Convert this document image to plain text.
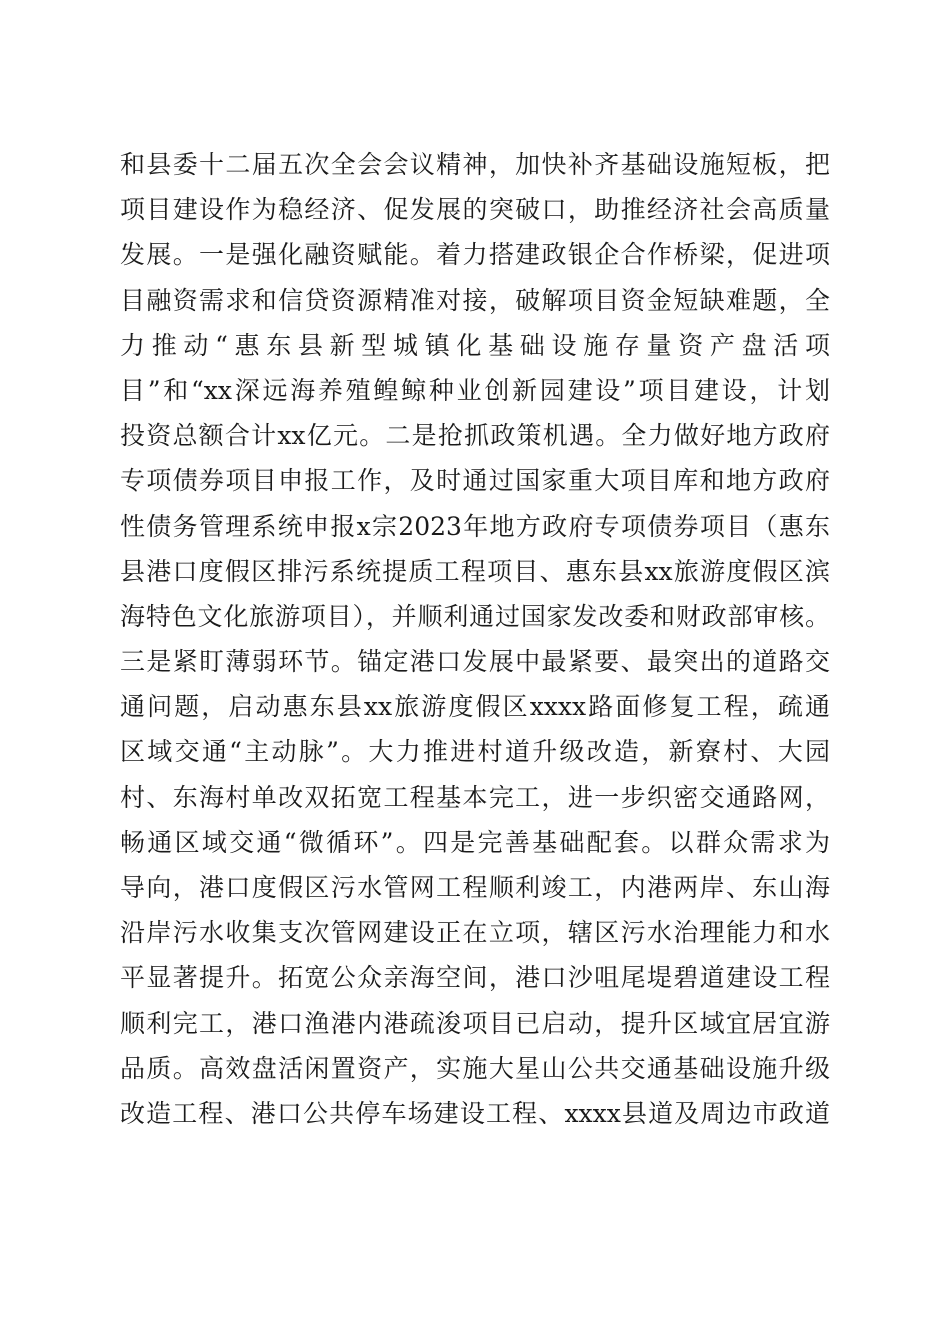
和县委十二届五次全会会议精神，加快补齐基础设施短板，把
项目建设作为稳经济、促发展的突破口，助推经济社会高质量
发展。一是强化融资赋能。着力搭建政银企合作桥梁，促进项
目融资需求和信贷资源精准对接，破解项目资金短缺难题，全
力推动“惠东县新型城镇化基础设施存量资产盘活项
目”和“xx深远海养殖鳇鲸种业创新园建设”项目建设，计划
投资总额合计xx亿元。二是抢抓政策机遇。全力做好地方政府
专项债券项目申报工作，及时通过国家重大项目库和地方政府
性债务管理系统申报x宗2023年地方政府专项债券项目（惠东
县港口度假区排污系统提质工程项目、惠东县xx旅游度假区滨
海特色文化旅游项目），并顺利通过国家发改委和财政部审核。
三是紧盯薄弱环节。锚定港口发展中最紧要、最突出的道路交
通问题，启动惠东县xx旅游度假区xxxx路面修复工程，疏通
区域交通“主动脉”。大力推进村道升级改造，新寮村、大园
村、东海村单改双拓宽工程基本完工，进一步织密交通路网，
畅通区域交通“微循环”。四是完善基础配套。以群众需求为
导向，港口度假区污水管网工程顺利竣工，内港两岸、东山海
沿岸污水收集支次管网建设正在立项，辖区污水治理能力和水
平显著提升。拓宽公众亲海空间，港口沙咀尾堤碧道建设工程
顺利完工，港口渔港内港疏浚项目已启动，提升区域宜居宜游
品质。高效盘活闲置资产，实施大星山公共交通基础设施升级
改造工程、港口公共停车场建设工程、xxxx县道及周边市政道
